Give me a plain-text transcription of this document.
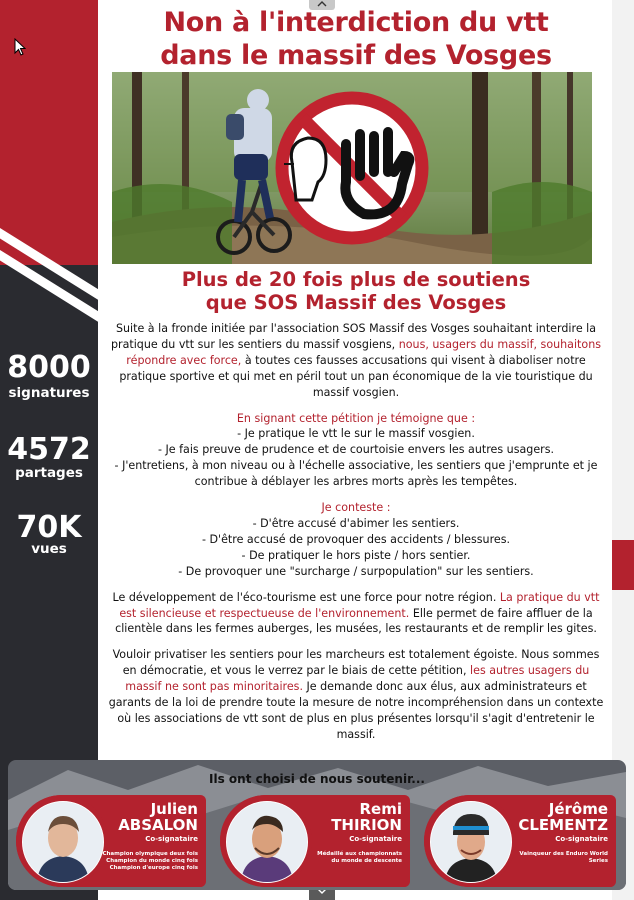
8000
signatures
4572
partages
70K
vues
Non à l'interdiction du vtt
dans le massif des Vosges
Plus de 20 fois plus de soutiens
que SOS Massif des Vosges

Suite à la fronde initiée par l'association SOS Massif des Vosges souhaitant interdire la pratique du vtt sur les sentiers du massif vosgiens, nous, usagers du massif, souhaitons répondre avec force, à toutes ces fausses accusations qui visent à diaboliser notre pratique sportive et qui met en péril tout un pan économique de la vie touristique du massif vosgien.

En signant cette pétition je témoigne que :
- Je pratique le vtt le sur le massif vosgien.
- Je fais preuve de prudence et de courtoisie envers les autres usagers.
- J'entretiens, à mon niveau ou à l'échelle associative, les sentiers que j'emprunte et je contribue à déblayer les arbres morts après les tempêtes.

Je conteste :
- D'être accusé d'abimer les sentiers.
- D'être accusé de provoquer des accidents / blessures.
- De pratiquer le hors piste / hors sentier.
- De provoquer une "surcharge / surpopulation" sur les sentiers.

Le développement de l'éco-tourisme est une force pour notre région. La pratique du vtt est silencieuse et respectueuse de l'environnement. Elle permet de faire affluer de la clientèle dans les fermes auberges, les musées, les restaurants et de remplir les gites.

Vouloir privatiser les sentiers pour les marcheurs est totalement égoiste. Nous sommes en démocratie, et vous le verrez par le biais de cette pétition, les autres usagers du massif ne sont pas minoritaires. Je demande donc aux élus, aux administrateurs et garants de la loi de prendre toute la mesure de notre incompréhension dans un contexte où les associations de vtt sont de plus en plus présentes lorsqu'il s'agit d'entretenir le massif.

Ils ont choisi de nous soutenir...
Julien
ABSALON
Co-signataire
Champion olympique deux fois
Champion du monde cinq fois
Champion d'europe cinq fois
Remi
THIRION
Co-signataire
Médaillé aux championnats
du monde de descente
Jérôme
CLEMENTZ
Co-signataire
Vainqueur des Enduro World
Series
